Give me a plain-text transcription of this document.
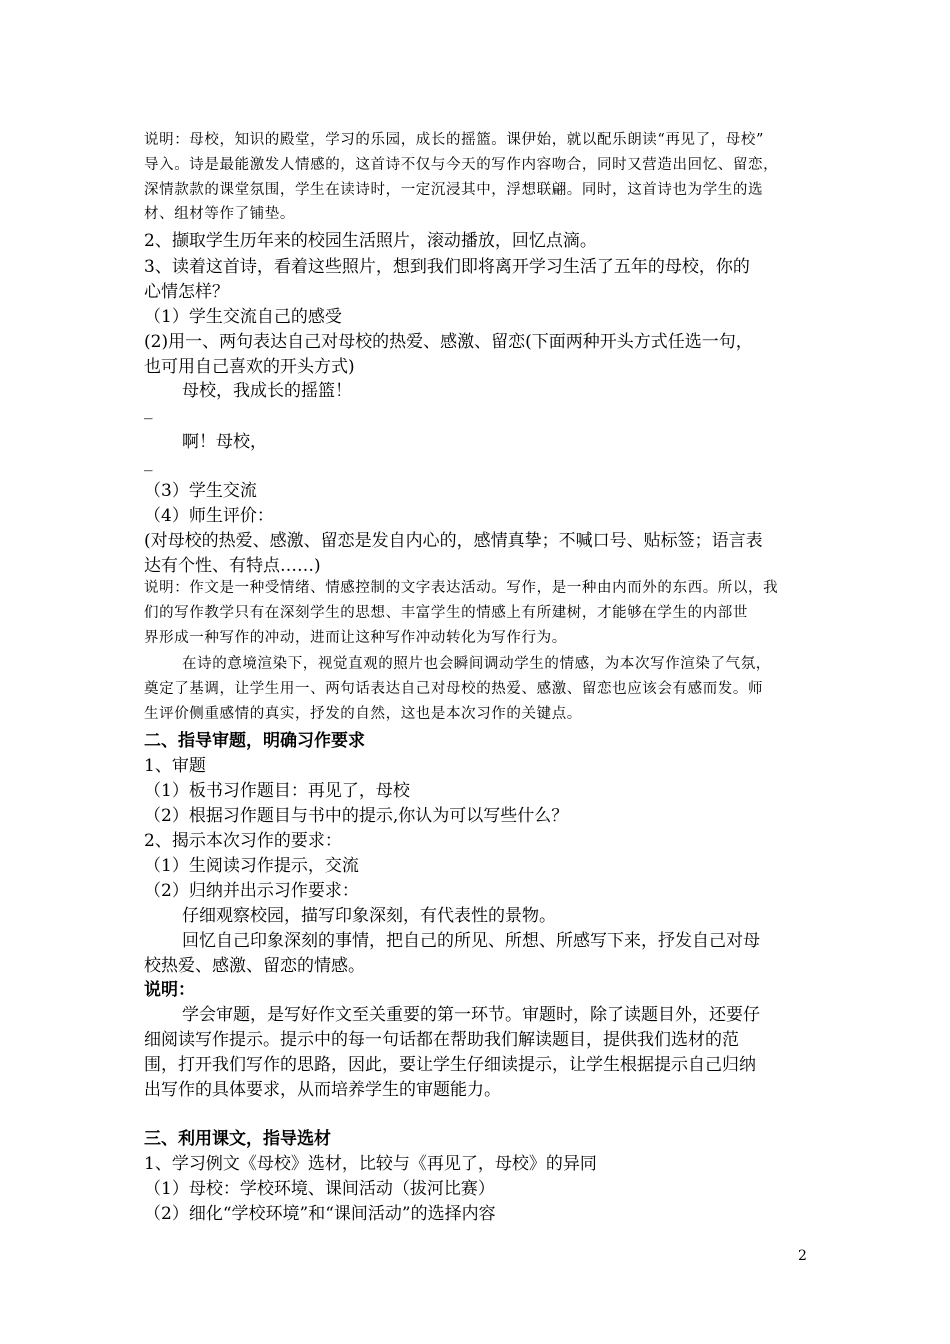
说明：母校，知识的殿堂，学习的乐园，成长的摇篮。课伊始，就以配乐朗读“再见了，母校”
导入。诗是最能激发人情感的，这首诗不仅与今天的写作内容吻合，同时又营造出回忆、留恋，
深情款款的课堂氛围，学生在读诗时，一定沉浸其中，浮想联翩。同时，这首诗也为学生的选
材、组材等作了铺垫。
2、撷取学生历年来的校园生活照片，滚动播放，回忆点滴。
3、读着这首诗，看着这些照片，想到我们即将离开学习生活了五年的母校，你的
心情怎样？
（1）学生交流自己的感受
(2)用一、两句表达自己对母校的热爱、感激、留恋(下面两种开头方式任选一句，
也可用自己喜欢的开头方式)
母校，我成长的摇篮！
_
啊！母校，
_
（3）学生交流
（4）师生评价：
(对母校的热爱、感激、留恋是发自内心的，感情真挚；不喊口号、贴标签；语言表
达有个性、有特点……)
说明：作文是一种受情绪、情感控制的文字表达活动。写作，是一种由内而外的东西。所以，我
们的写作教学只有在深刻学生的思想、丰富学生的情感上有所建树，才能够在学生的内部世
界形成一种写作的冲动，进而让这种写作冲动转化为写作行为。
在诗的意境渲染下，视觉直观的照片也会瞬间调动学生的情感，为本次写作渲染了气氛，
奠定了基调，让学生用一、两句话表达自己对母校的热爱、感激、留恋也应该会有感而发。师
生评价侧重感情的真实，抒发的自然，这也是本次习作的关键点。
二、指导审题，明确习作要求
1、审题
（1）板书习作题目：再见了，母校
（2）根据习作题目与书中的提示,你认为可以写些什么？
2、揭示本次习作的要求：
（1）生阅读习作提示，交流
（2）归纳并出示习作要求：
仔细观察校园，描写印象深刻，有代表性的景物。
回忆自己印象深刻的事情，把自己的所见、所想、所感写下来，抒发自己对母
校热爱、感激、留恋的情感。
说明：
学会审题，是写好作文至关重要的第一环节。审题时，除了读题目外，还要仔
细阅读写作提示。提示中的每一句话都在帮助我们解读题目，提供我们选材的范
围，打开我们写作的思路，因此，要让学生仔细读提示，让学生根据提示自己归纳
出写作的具体要求，从而培养学生的审题能力。
三、利用课文，指导选材
1、学习例文《母校》选材，比较与《再见了，母校》的异同
（1）母校：学校环境、课间活动（拔河比赛）
（2）细化“学校环境”和“课间活动”的选择内容
2
